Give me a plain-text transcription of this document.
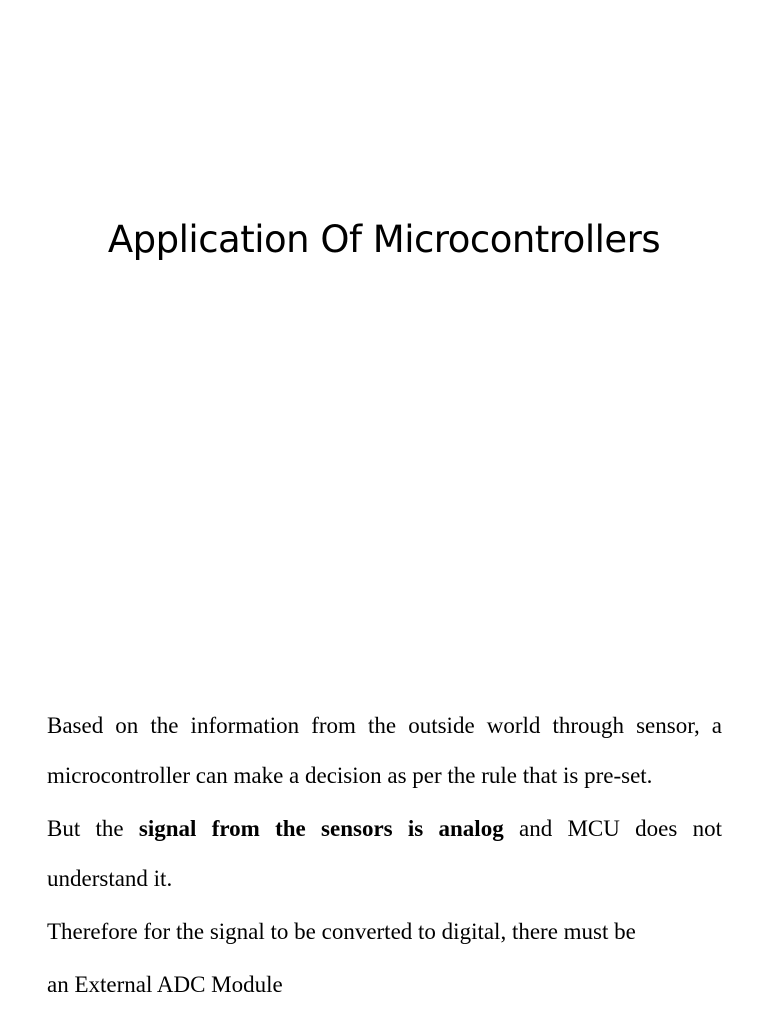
Application Of Microcontrollers

Based on the information from the outside world through sensor, a microcontroller can make a decision as per the rule that is pre-set.

But the signal from the sensors is analog and MCU does not understand it.

Therefore for the signal to be converted to digital, there must be

an External ADC Module
